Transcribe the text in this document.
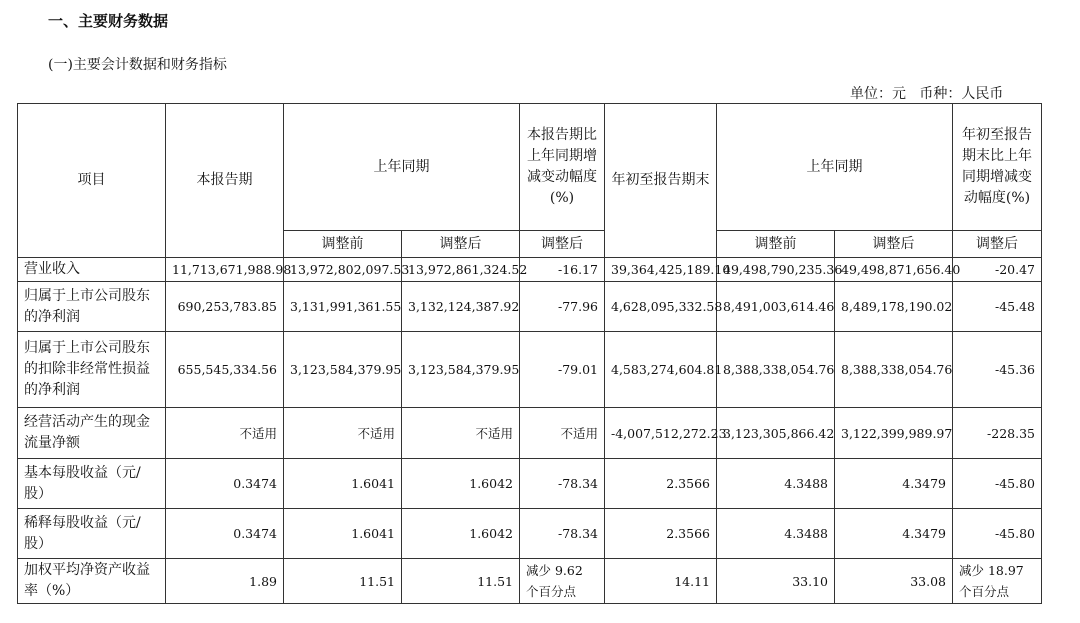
一、主要财务数据
(一)主要会计数据和财务指标
单位：元   币种：人民币
项目	本报告期	上年同期		本报告期比上年同期增减变动幅度(%)	年初至报告期末	上年同期		年初至报告期末比上年同期增减变动幅度(%)
		调整前	调整后	调整后		调整前	调整后	调整后
营业收入	11,713,671,988.98	13,972,802,097.53	13,972,861,324.52	-16.17	39,364,425,189.10	49,498,790,235.36	49,498,871,656.40	-20.47
归属于上市公司股东的净利润	690,253,783.85	3,131,991,361.55	3,132,124,387.92	-77.96	4,628,095,332.58	8,491,003,614.46	8,489,178,190.02	-45.48
归属于上市公司股东的扣除非经常性损益的净利润	655,545,334.56	3,123,584,379.95	3,123,584,379.95	-79.01	4,583,274,604.81	8,388,338,054.76	8,388,338,054.76	-45.36
经营活动产生的现金流量净额	不适用	不适用	不适用	不适用	-4,007,512,272.23	3,123,305,866.42	3,122,399,989.97	-228.35
基本每股收益（元/股）	0.3474	1.6041	1.6042	-78.34	2.3566	4.3488	4.3479	-45.80
稀释每股收益（元/股）	0.3474	1.6041	1.6042	-78.34	2.3566	4.3488	4.3479	-45.80
加权平均净资产收益率（%）	1.89	11.51	11.51	减少 9.62 个百分点	14.11	33.10	33.08	减少 18.97 个百分点
